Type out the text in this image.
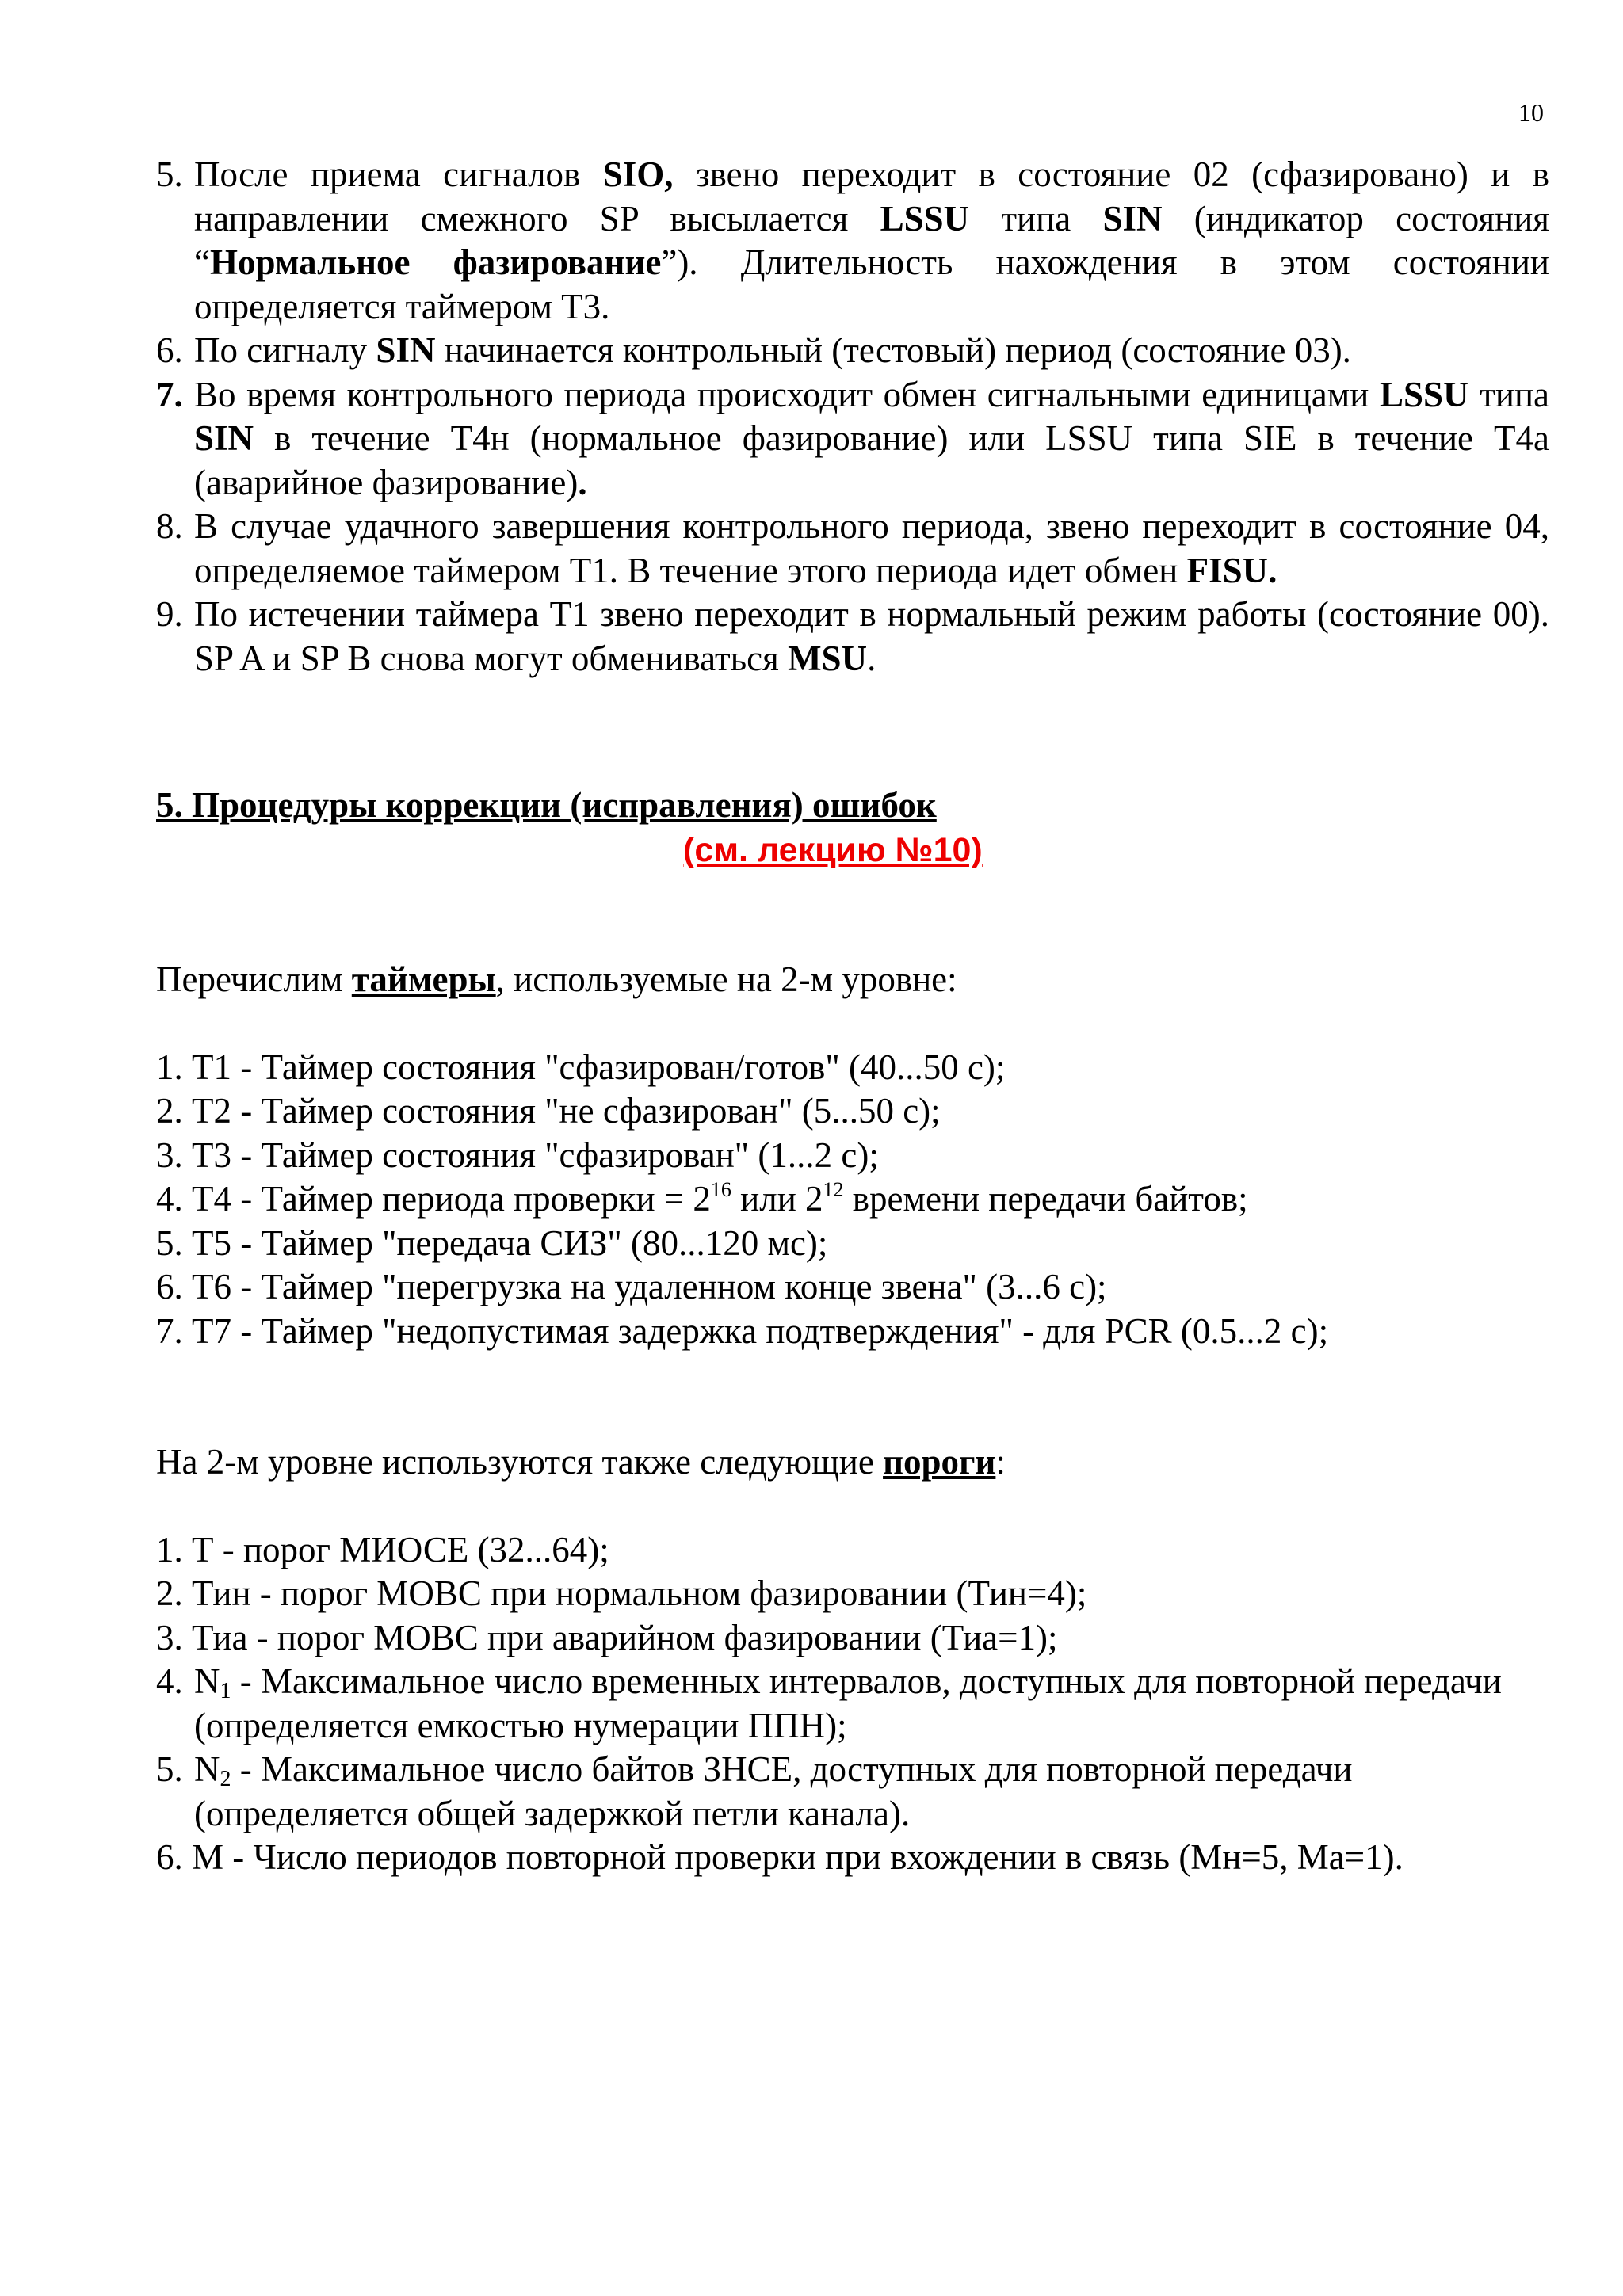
10
5. После приема сигналов SIO, звено переходит в состояние 02 (сфазировано) и в направлении смежного SP высылается LSSU типа SIN (индикатор состояния “Нормальное фазирование”). Длительность нахождения в этом состоянии определяется таймером Т3.
6. По сигналу SIN начинается контрольный (тестовый) период (состояние 03).
7. Во время контрольного периода происходит обмен сигнальными единицами LSSU типа SIN в течение Т4н (нормальное фазирование) или LSSU типа SIE в течение Т4а (аварийное фазирование).
8. В случае удачного завершения контрольного периода, звено переходит в состояние 04, определяемое таймером Т1. В течение этого периода идет обмен FISU.
9. По истечении таймера Т1 звено переходит в нормальный режим работы (состояние 00). SP A и SP B снова могут обмениваться MSU.
5. Процедуры коррекции (исправления) ошибок
(см. лекцию №10)
Перечислим таймеры, используемые на 2-м уровне:
1. Т1 - Таймер состояния "сфазирован/готов" (40...50 с);
2. Т2 - Таймер состояния "не сфазирован" (5...50 с);
3. Т3 - Таймер состояния "сфазирован" (1...2 с);
4. Т4 - Таймер периода проверки = $2^{16}$ или $2^{12}$ времени передачи байтов;
5. Т5 - Таймер "передача СИЗ" (80...120 мс);
6. Т6 - Таймер "перегрузка на удаленном конце звена" (3...6 с);
7. Т7 - Таймер "недопустимая задержка подтверждения" - для PCR (0.5...2 с);
На 2-м уровне используются также следующие пороги:
1. Т - порог МИОСЕ (32...64);
2. Тин - порог МОВС при нормальном фазировании (Тин=4);
3. Тиа - порог МОВС при аварийном фазировании (Тиа=1);
4. $N_1$ - Максимальное число временных интервалов, доступных для повторной передачи (определяется емкостью нумерации ППН);
5. $N_2$ - Максимальное число байтов ЗНСЕ, доступных для повторной передачи (определяется общей задержкой петли канала).
6. М - Число периодов повторной проверки при вхождении в связь (Мн=5, Ма=1).
